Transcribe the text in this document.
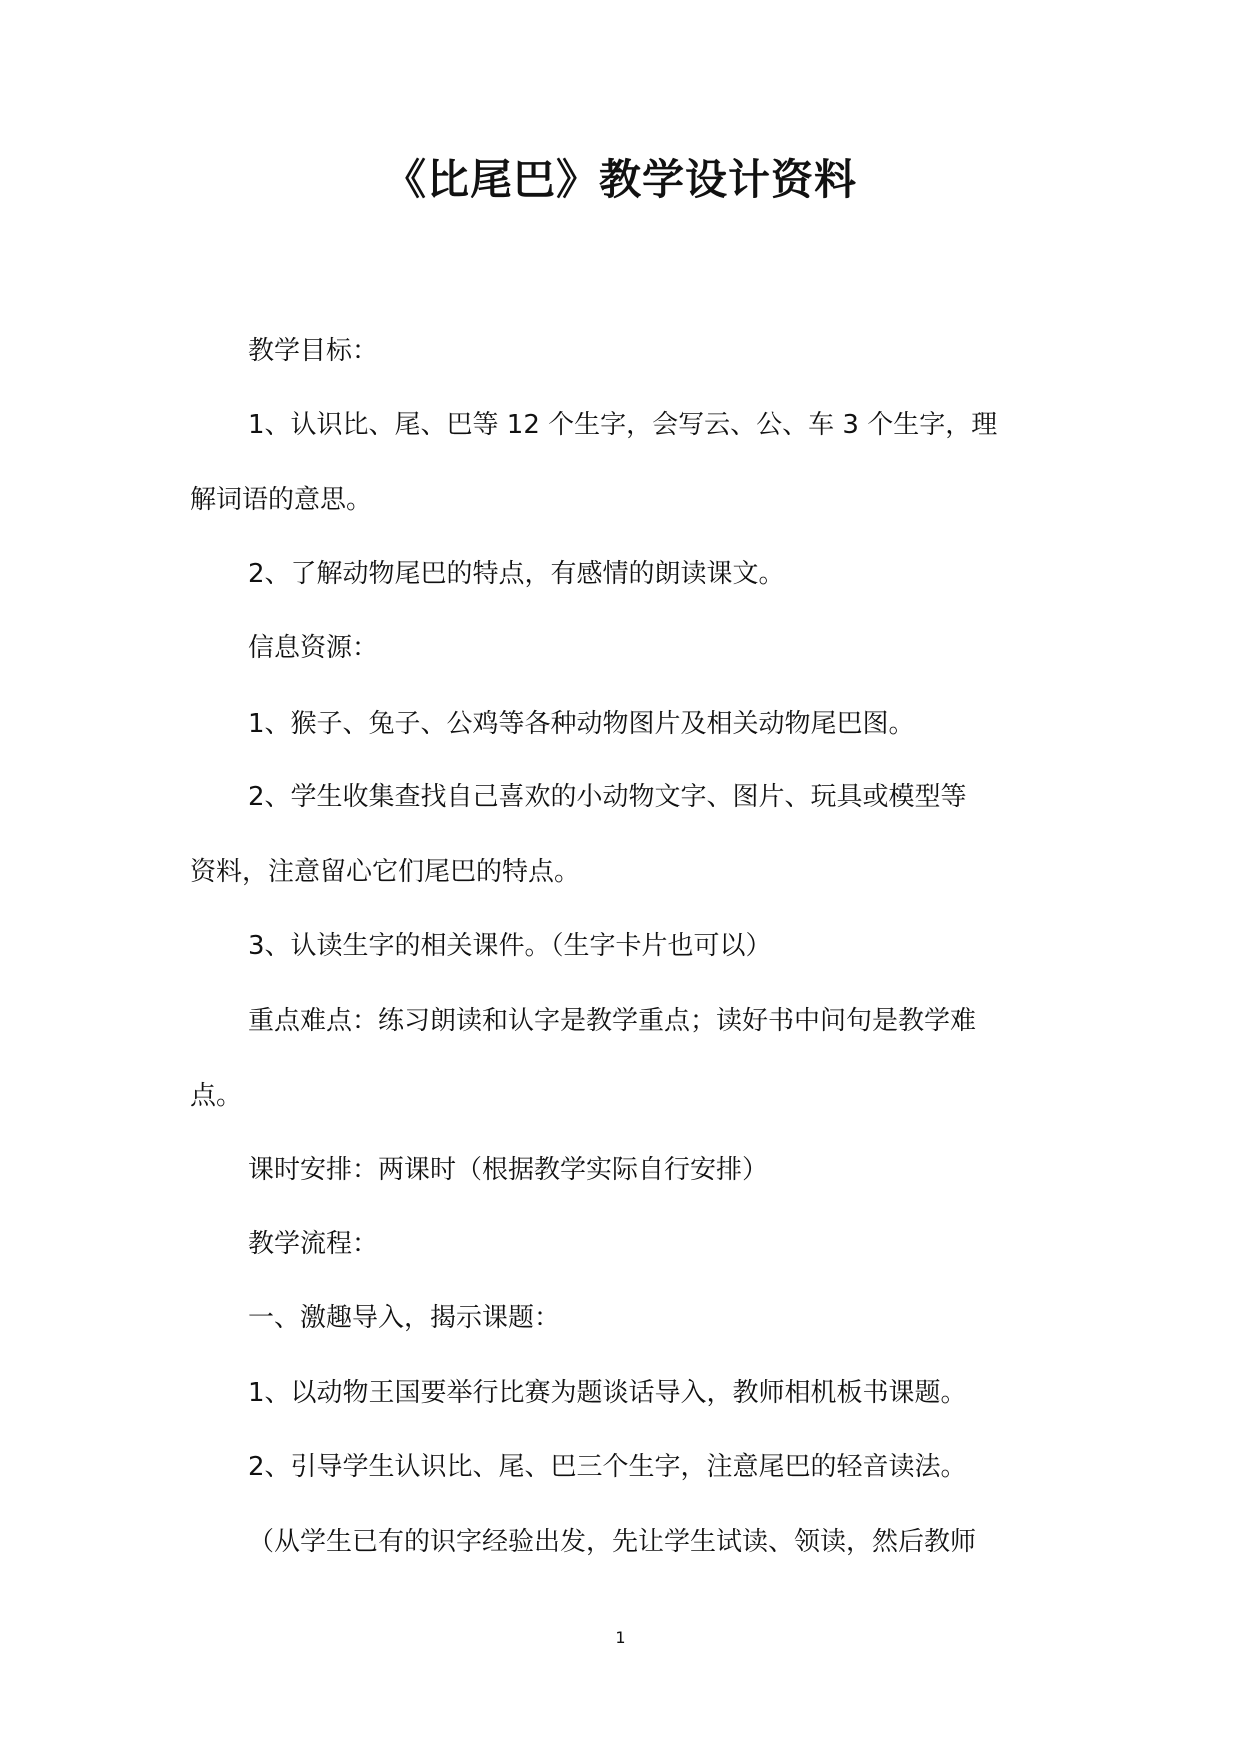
《比尾巴》教学设计资料
教学目标：
1、认识比、尾、巴等 12 个生字，会写云、公、车 3 个生字，理
解词语的意思。
2、了解动物尾巴的特点，有感情的朗读课文。
信息资源：
1、猴子、兔子、公鸡等各种动物图片及相关动物尾巴图。
2、学生收集查找自己喜欢的小动物文字、图片、玩具或模型等
资料，注意留心它们尾巴的特点。
3、认读生字的相关课件。（生字卡片也可以）
重点难点：练习朗读和认字是教学重点；读好书中问句是教学难
点。
课时安排：两课时（根据教学实际自行安排）
教学流程：
一、激趣导入，揭示课题：
1、以动物王国要举行比赛为题谈话导入，教师相机板书课题。
2、引导学生认识比、尾、巴三个生字，注意尾巴的轻音读法。
（从学生已有的识字经验出发，先让学生试读、领读，然后教师
1
